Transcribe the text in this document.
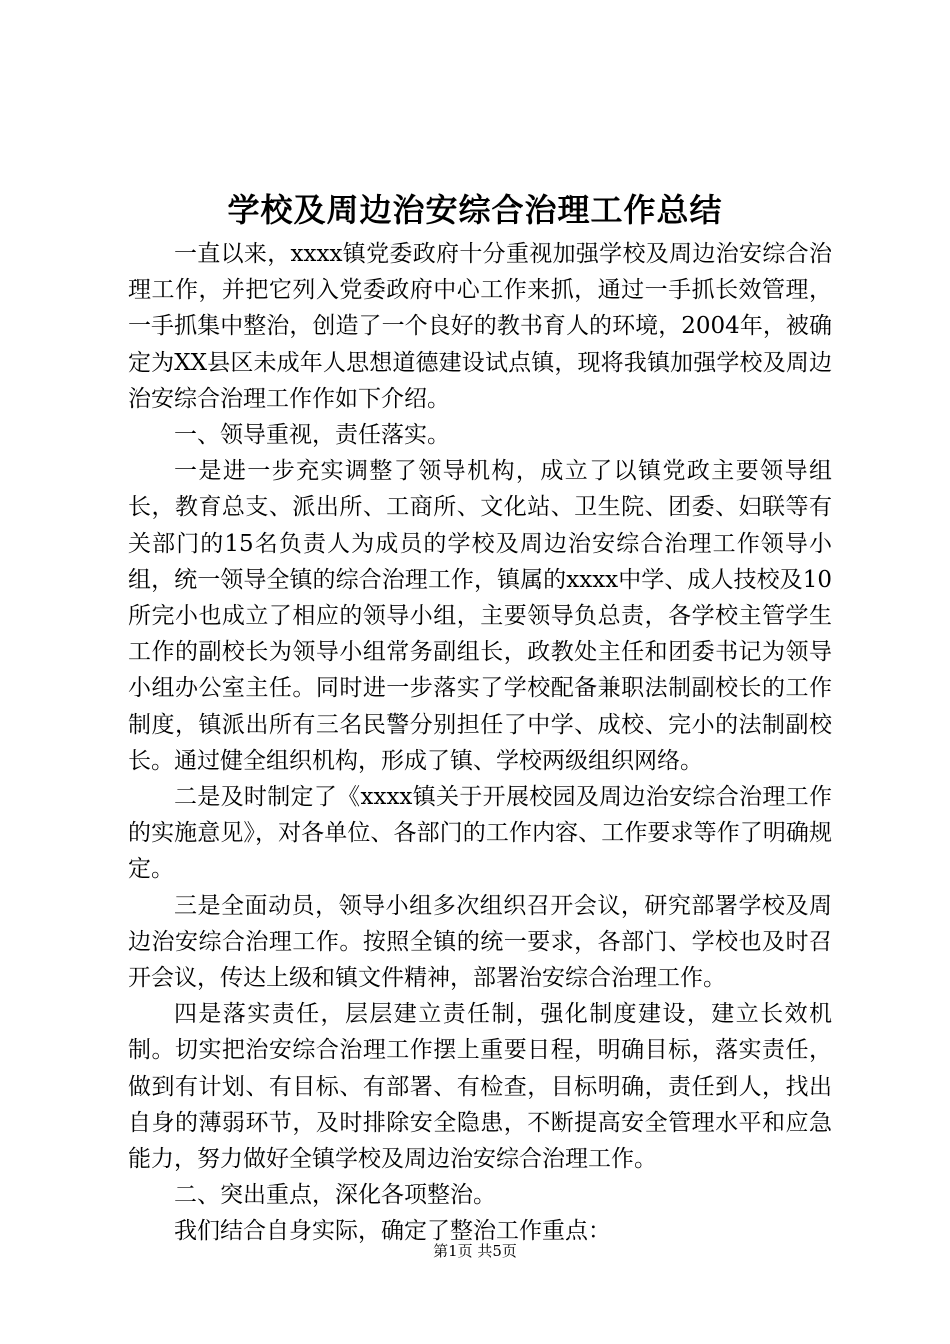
学校及周边治安综合治理工作总结

一直以来，xxxx镇党委政府十分重视加强学校及周边治安综合治理工作，并把它列入党委政府中心工作来抓，通过一手抓长效管理，一手抓集中整治，创造了一个良好的教书育人的环境，2004年，被确定为XX县区未成年人思想道德建设试点镇，现将我镇加强学校及周边治安综合治理工作作如下介绍。

一、领导重视，责任落实。

一是进一步充实调整了领导机构，成立了以镇党政主要领导组长，教育总支、派出所、工商所、文化站、卫生院、团委、妇联等有关部门的15名负责人为成员的学校及周边治安综合治理工作领导小组，统一领导全镇的综合治理工作，镇属的xxxx中学、成人技校及10所完小也成立了相应的领导小组，主要领导负总责，各学校主管学生工作的副校长为领导小组常务副组长，政教处主任和团委书记为领导小组办公室主任。同时进一步落实了学校配备兼职法制副校长的工作制度，镇派出所有三名民警分别担任了中学、成校、完小的法制副校长。通过健全组织机构，形成了镇、学校两级组织网络。

二是及时制定了《xxxx镇关于开展校园及周边治安综合治理工作的实施意见》，对各单位、各部门的工作内容、工作要求等作了明确规定。

三是全面动员，领导小组多次组织召开会议，研究部署学校及周边治安综合治理工作。按照全镇的统一要求，各部门、学校也及时召开会议，传达上级和镇文件精神，部署治安综合治理工作。

四是落实责任，层层建立责任制，强化制度建设，建立长效机制。切实把治安综合治理工作摆上重要日程，明确目标，落实责任，做到有计划、有目标、有部署、有检查，目标明确，责任到人，找出自身的薄弱环节，及时排除安全隐患，不断提高安全管理水平和应急能力，努力做好全镇学校及周边治安综合治理工作。

二、突出重点，深化各项整治。

我们结合自身实际，确定了整治工作重点：

第1页 共5页
